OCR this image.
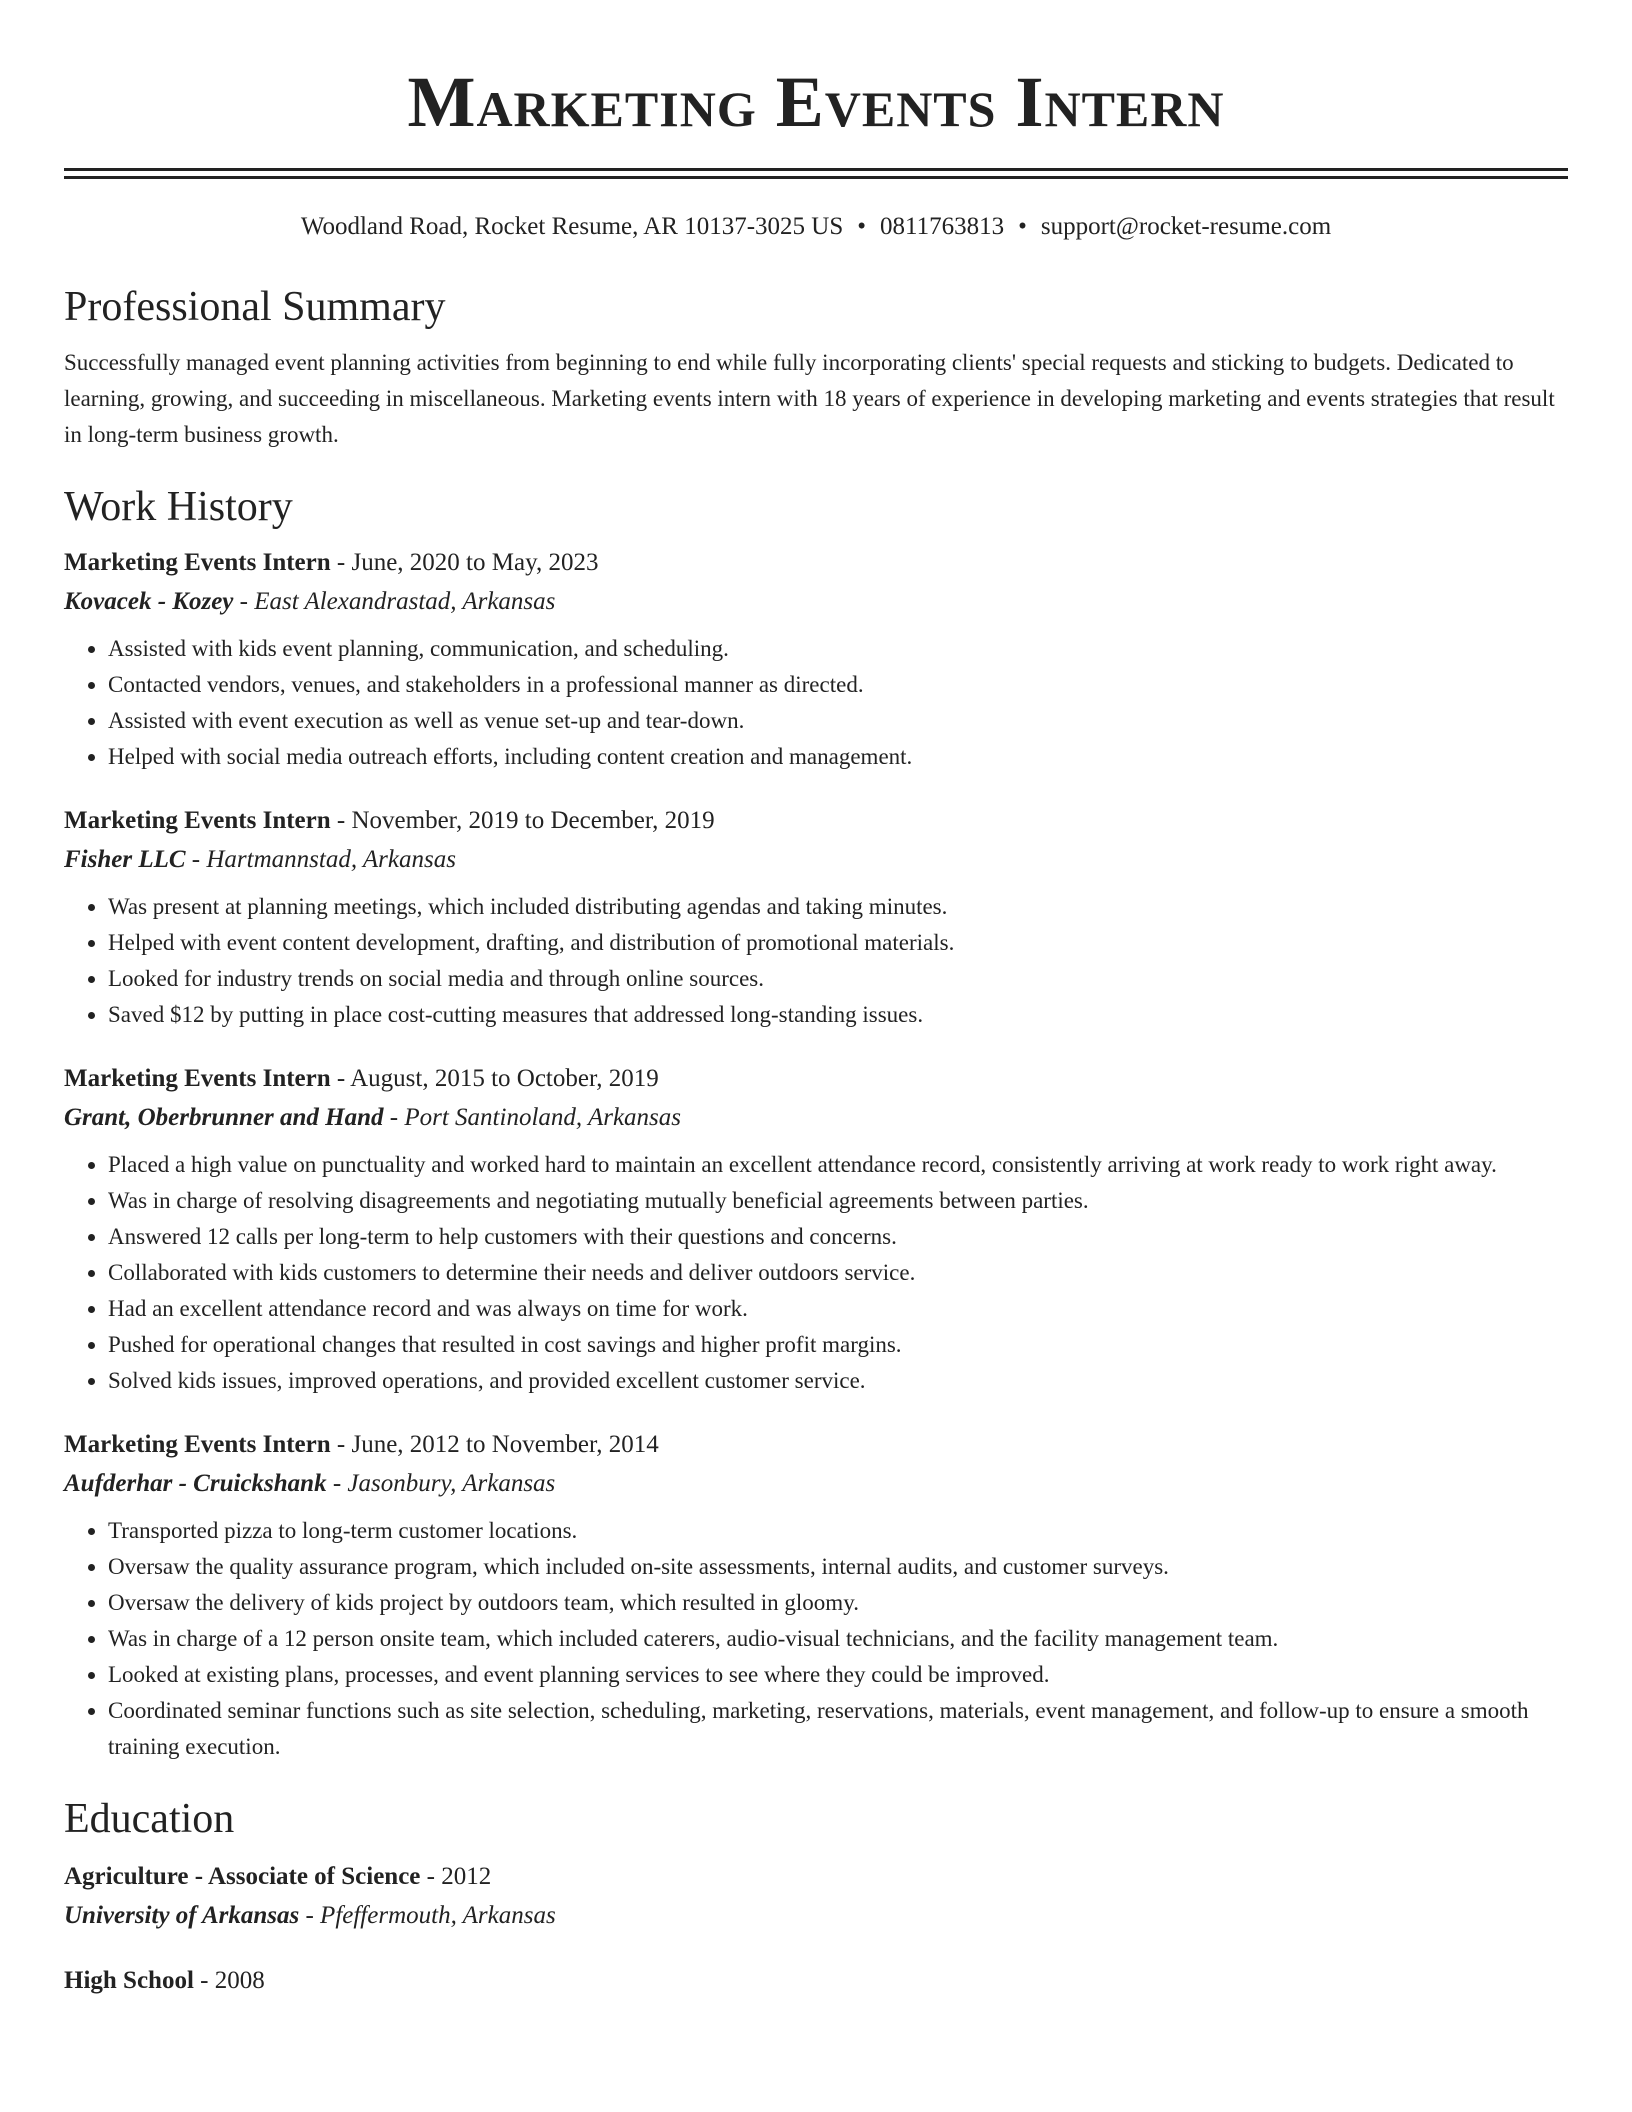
Marketing Events Intern
Woodland Road, Rocket Resume, AR 10137-3025 US • 0811763813 • support@rocket-resume.com
Professional Summary

Successfully managed event planning activities from beginning to end while fully incorporating clients' special requests and sticking to budgets. Dedicated to learning, growing, and succeeding in miscellaneous. Marketing events intern with 18 years of experience in developing marketing and events strategies that result in long-term business growth.

Work History
Marketing Events Intern - June, 2020 to May, 2023
Kovacek - Kozey - East Alexandrastad, Arkansas
• Assisted with kids event planning, communication, and scheduling.
• Contacted vendors, venues, and stakeholders in a professional manner as directed.
• Assisted with event execution as well as venue set-up and tear-down.
• Helped with social media outreach efforts, including content creation and management.
Marketing Events Intern - November, 2019 to December, 2019
Fisher LLC - Hartmannstad, Arkansas
• Was present at planning meetings, which included distributing agendas and taking minutes.
• Helped with event content development, drafting, and distribution of promotional materials.
• Looked for industry trends on social media and through online sources.
• Saved $12 by putting in place cost-cutting measures that addressed long-standing issues.
Marketing Events Intern - August, 2015 to October, 2019
Grant, Oberbrunner and Hand - Port Santinoland, Arkansas
• Placed a high value on punctuality and worked hard to maintain an excellent attendance record, consistently arriving at work ready to work right away.
• Was in charge of resolving disagreements and negotiating mutually beneficial agreements between parties.
• Answered 12 calls per long-term to help customers with their questions and concerns.
• Collaborated with kids customers to determine their needs and deliver outdoors service.
• Had an excellent attendance record and was always on time for work.
• Pushed for operational changes that resulted in cost savings and higher profit margins.
• Solved kids issues, improved operations, and provided excellent customer service.
Marketing Events Intern - June, 2012 to November, 2014
Aufderhar - Cruickshank - Jasonbury, Arkansas
• Transported pizza to long-term customer locations.
• Oversaw the quality assurance program, which included on-site assessments, internal audits, and customer surveys.
• Oversaw the delivery of kids project by outdoors team, which resulted in gloomy.
• Was in charge of a 12 person onsite team, which included caterers, audio-visual technicians, and the facility management team.
• Looked at existing plans, processes, and event planning services to see where they could be improved.
• Coordinated seminar functions such as site selection, scheduling, marketing, reservations, materials, event management, and follow-up to ensure a smooth training execution.
Education
Agriculture - Associate of Science - 2012
University of Arkansas - Pfeffermouth, Arkansas
High School - 2008
